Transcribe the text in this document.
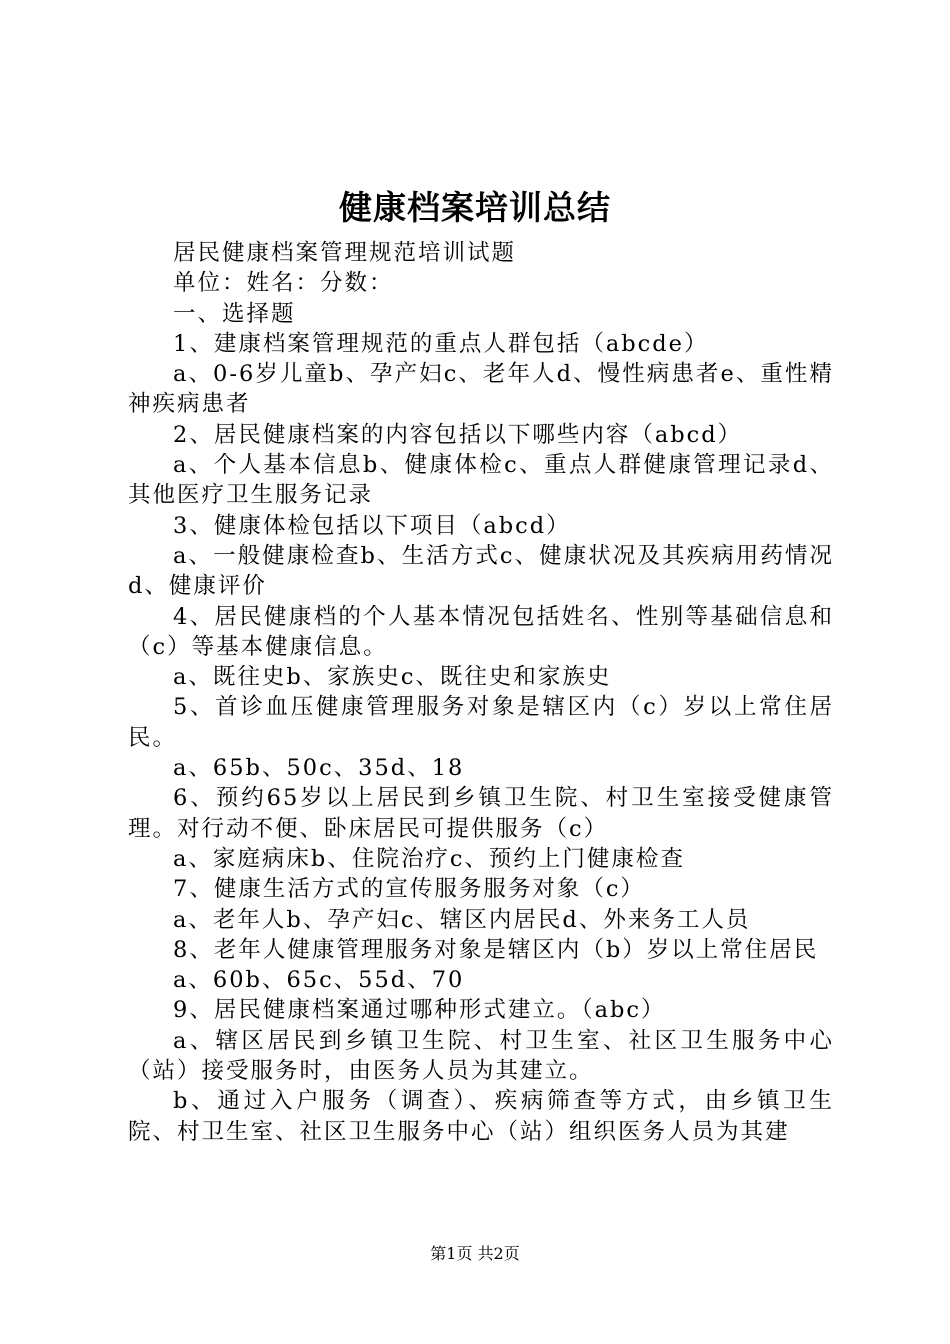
健康档案培训总结

居民健康档案管理规范培训试题

单位：姓名：分数：

一、选择题

1、建康档案管理规范的重点人群包括（abcde）

a、0-6岁儿童b、孕产妇c、老年人d、慢性病患者e、重性精神疾病患者

2、居民健康档案的内容包括以下哪些内容（abcd）

a、个人基本信息b、健康体检c、重点人群健康管理记录d、其他医疗卫生服务记录

3、健康体检包括以下项目（abcd）

a、一般健康检查b、生活方式c、健康状况及其疾病用药情况d、健康评价

4、居民健康档的个人基本情况包括姓名、性别等基础信息和（c）等基本健康信息。

a、既往史b、家族史c、既往史和家族史

5、首诊血压健康管理服务对象是辖区内（c）岁以上常住居民。

a、65b、50c、35d、18

6、预约65岁以上居民到乡镇卫生院、村卫生室接受健康管理。对行动不便、卧床居民可提供服务（c）

a、家庭病床b、住院治疗c、预约上门健康检查

7、健康生活方式的宣传服务服务对象（c）

a、老年人b、孕产妇c、辖区内居民d、外来务工人员

8、老年人健康管理服务对象是辖区内（b）岁以上常住居民

a、60b、65c、55d、70

9、居民健康档案通过哪种形式建立。（abc）

a、辖区居民到乡镇卫生院、村卫生室、社区卫生服务中心（站）接受服务时，由医务人员为其建立。

b、通过入户服务（调查）、疾病筛查等方式，由乡镇卫生院、村卫生室、社区卫生服务中心（站）组织医务人员为其建

第1页 共2页
